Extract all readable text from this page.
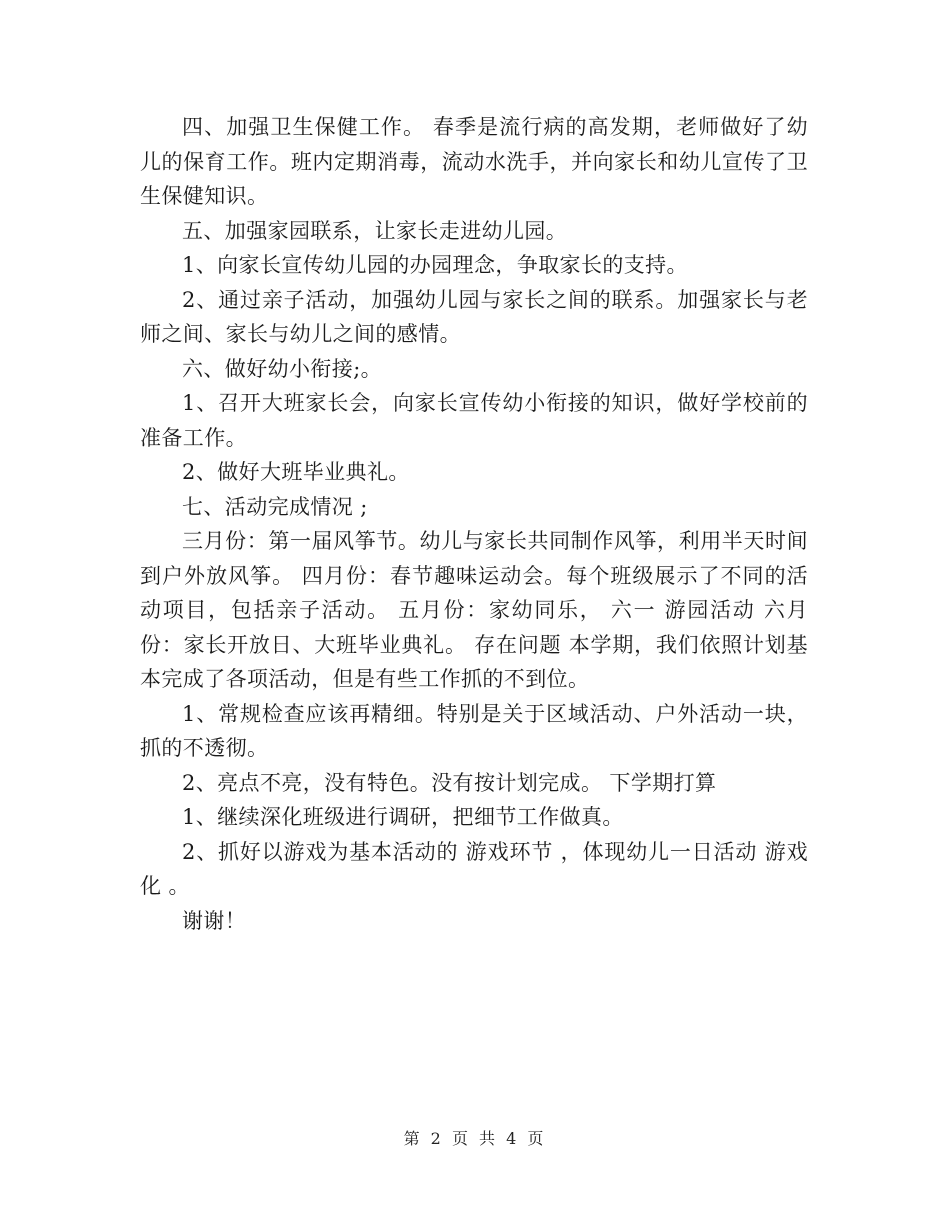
四、加强卫生保健工作。 春季是流行病的高发期，老师做好了幼儿的保育工作。班内定期消毒，流动水洗手，并向家长和幼儿宣传了卫生保健知识。

五、加强家园联系，让家长走进幼儿园。

1、向家长宣传幼儿园的办园理念，争取家长的支持。

2、通过亲子活动，加强幼儿园与家长之间的联系。加强家长与老师之间、家长与幼儿之间的感情。

六、做好幼小衔接;。

1、召开大班家长会，向家长宣传幼小衔接的知识，做好学校前的准备工作。

2、做好大班毕业典礼。

七、活动完成情况 ;

三月份：第一届风筝节。幼儿与家长共同制作风筝，利用半天时间到户外放风筝。 四月份：春节趣味运动会。每个班级展示了不同的活动项目，包括亲子活动。 五月份：家幼同乐， 六一 游园活动 六月份：家长开放日、大班毕业典礼。 存在问题 本学期，我们依照计划基本完成了各项活动，但是有些工作抓的不到位。

1、常规检查应该再精细。特别是关于区域活动、户外活动一块，抓的不透彻。

2、亮点不亮，没有特色。没有按计划完成。 下学期打算

1、继续深化班级进行调研，把细节工作做真。

2、抓好以游戏为基本活动的 游戏环节 ，体现幼儿一日活动 游戏化 。

谢谢！

第 2 页 共 4 页
